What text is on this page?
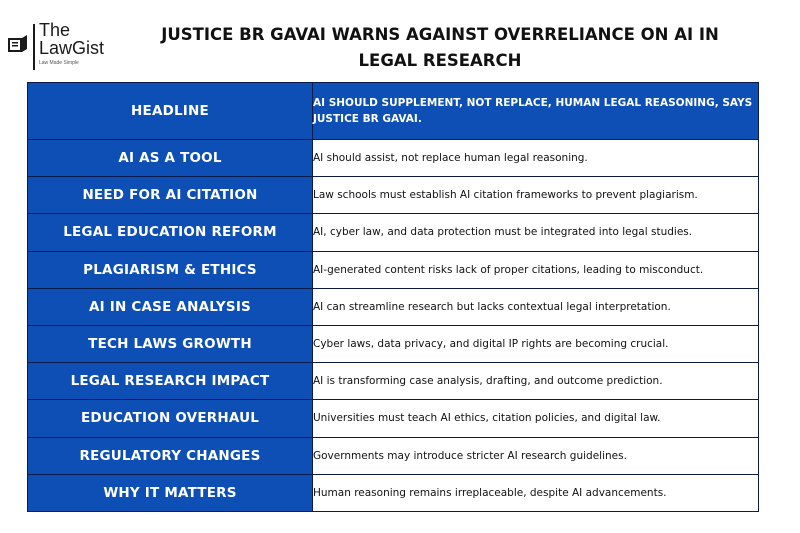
The
LawGist
Law Made Simple
JUSTICE BR GAVAI WARNS AGAINST OVERRELIANCE ON AI IN LEGAL RESEARCH
HEADLINE	AI SHOULD SUPPLEMENT, NOT REPLACE, HUMAN LEGAL REASONING, SAYS JUSTICE BR GAVAI.
AI AS A TOOL	AI should assist, not replace human legal reasoning.
NEED FOR AI CITATION	Law schools must establish AI citation frameworks to prevent plagiarism.
LEGAL EDUCATION REFORM	AI, cyber law, and data protection must be integrated into legal studies.
PLAGIARISM & ETHICS	AI-generated content risks lack of proper citations, leading to misconduct.
AI IN CASE ANALYSIS	AI can streamline research but lacks contextual legal interpretation.
TECH LAWS GROWTH	Cyber laws, data privacy, and digital IP rights are becoming crucial.
LEGAL RESEARCH IMPACT	AI is transforming case analysis, drafting, and outcome prediction.
EDUCATION OVERHAUL	Universities must teach AI ethics, citation policies, and digital law.
REGULATORY CHANGES	Governments may introduce stricter AI research guidelines.
WHY IT MATTERS	Human reasoning remains irreplaceable, despite AI advancements.
